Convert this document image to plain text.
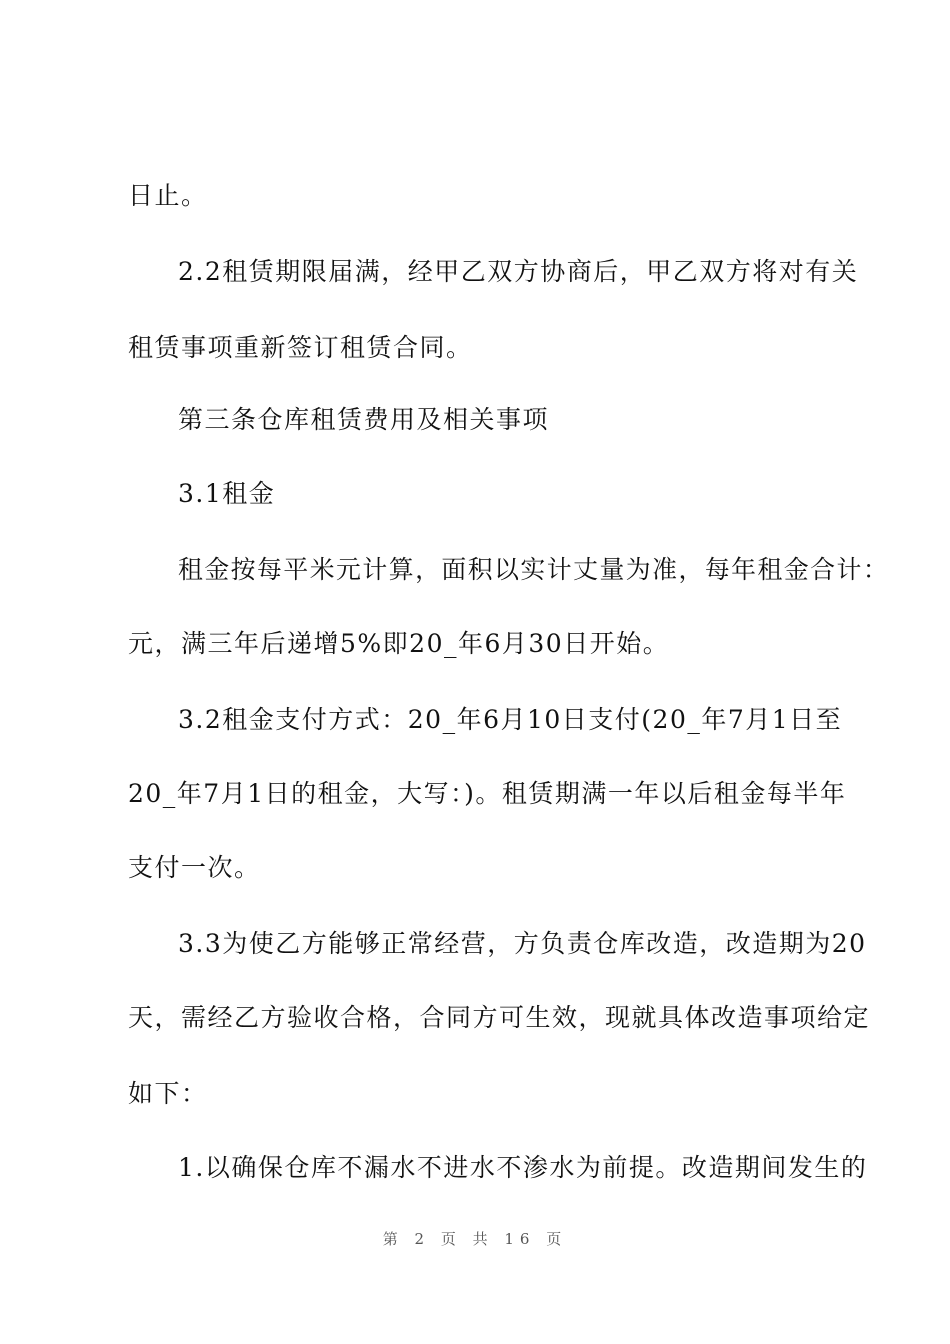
日止。
2.2租赁期限届满，经甲乙双方协商后，甲乙双方将对有关
租赁事项重新签订租赁合同。
第三条仓库租赁费用及相关事项
3.1租金
租金按每平米元计算，面积以实计丈量为准，每年租金合计：
元，满三年后递增5%即20_年6月30日开始。
3.2租金支付方式：20_年6月10日支付(20_年7月1日至
20_年7月1日的租金，大写：)。租赁期满一年以后租金每半年
支付一次。
3.3为使乙方能够正常经营，方负责仓库改造，改造期为20
天，需经乙方验收合格，合同方可生效，现就具体改造事项给定
如下：
1.以确保仓库不漏水不进水不渗水为前提。改造期间发生的
第 2 页 共 16 页
